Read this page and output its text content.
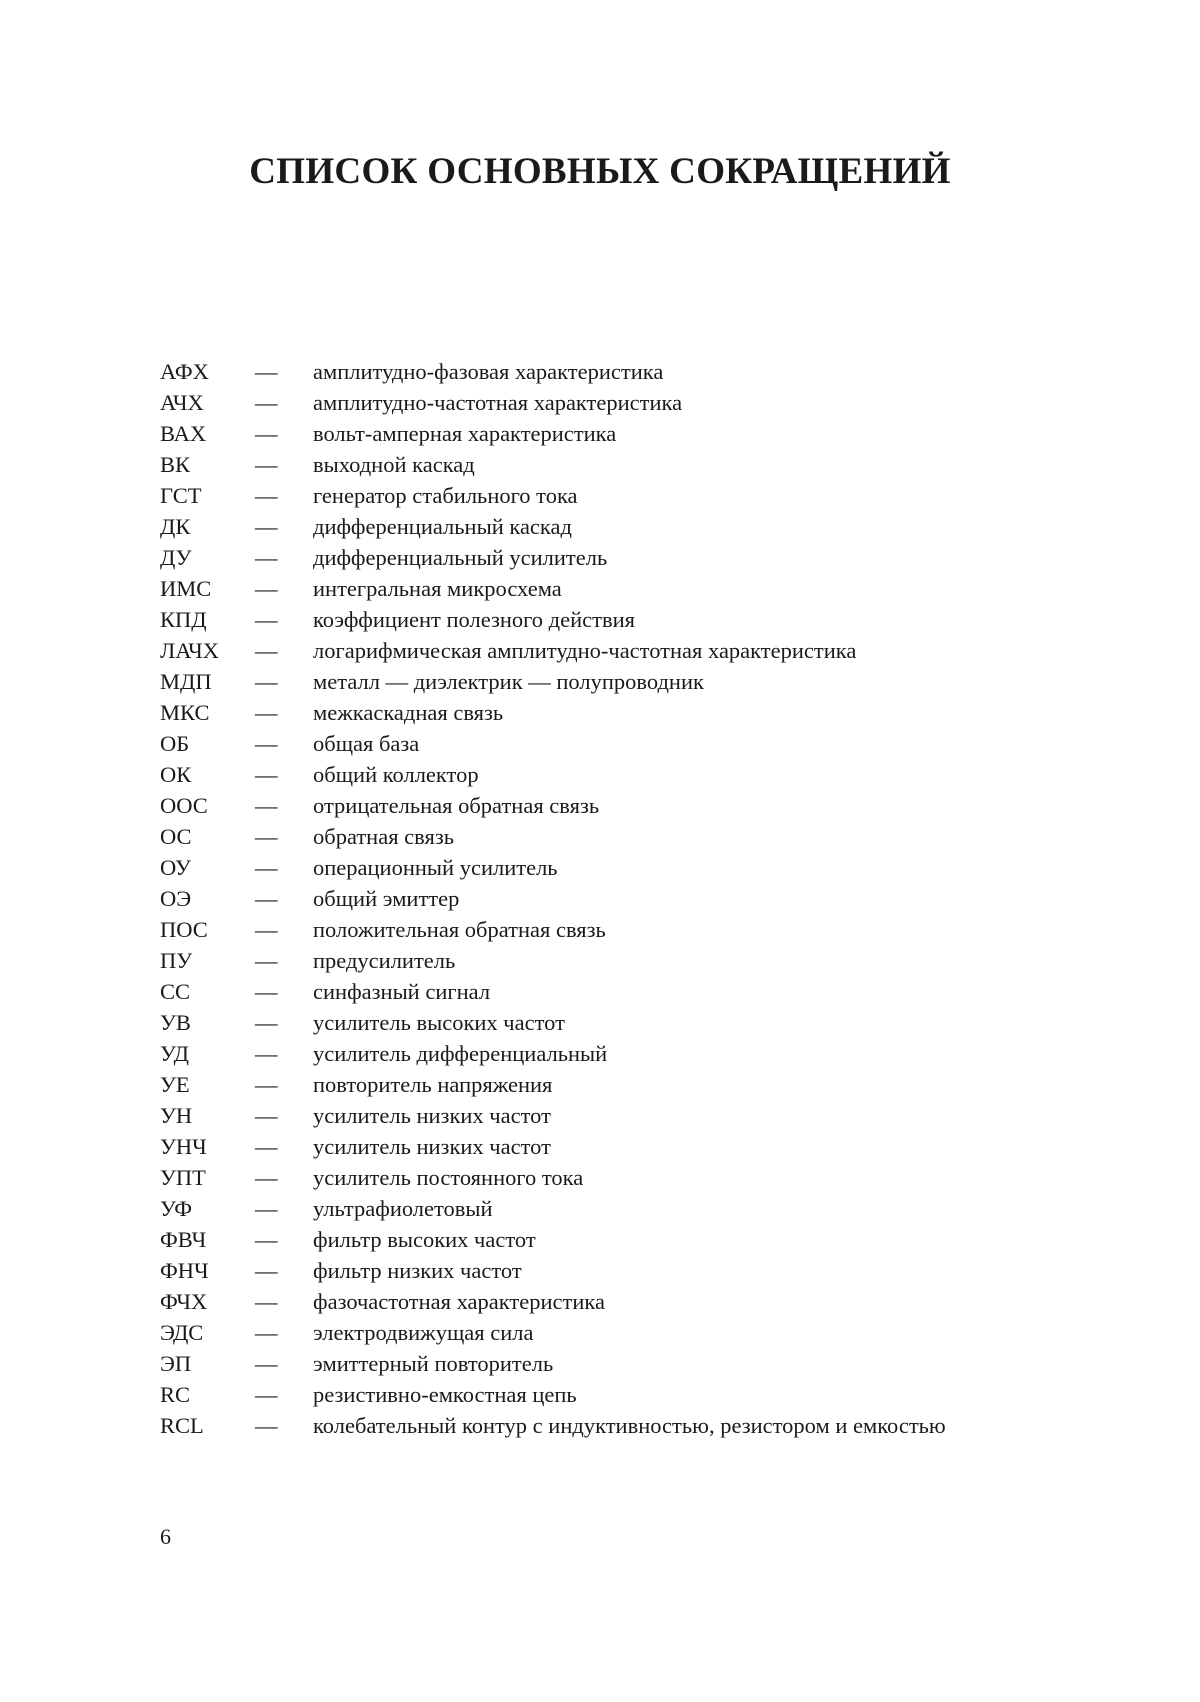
СПИСОК ОСНОВНЫХ СОКРАЩЕНИЙ
АФХ	—	амплитудно-фазовая характеристика
АЧХ	—	амплитудно-частотная характеристика
ВАХ	—	вольт-амперная характеристика
ВК	—	выходной каскад
ГСТ	—	генератор стабильного тока
ДК	—	дифференциальный каскад
ДУ	—	дифференциальный усилитель
ИМС	—	интегральная микросхема
КПД	—	коэффициент полезного действия
ЛАЧХ	—	логарифмическая амплитудно-частотная характеристика
МДП	—	металл — диэлектрик — полупроводник
МКС	—	межкаскадная связь
ОБ	—	общая база
ОК	—	общий коллектор
ООС	—	отрицательная обратная связь
ОС	—	обратная связь
ОУ	—	операционный усилитель
ОЭ	—	общий эмиттер
ПОС	—	положительная обратная связь
ПУ	—	предусилитель
СС	—	синфазный сигнал
УВ	—	усилитель высоких частот
УД	—	усилитель дифференциальный
УЕ	—	повторитель напряжения
УН	—	усилитель низких частот
УНЧ	—	усилитель низких частот
УПТ	—	усилитель постоянного тока
УФ	—	ультрафиолетовый
ФВЧ	—	фильтр высоких частот
ФНЧ	—	фильтр низких частот
ФЧХ	—	фазочастотная характеристика
ЭДС	—	электродвижущая сила
ЭП	—	эмиттерный повторитель
RC	—	резистивно-емкостная цепь
RCL	—	колебательный контур с индуктивностью, резистором и емкостью
6
